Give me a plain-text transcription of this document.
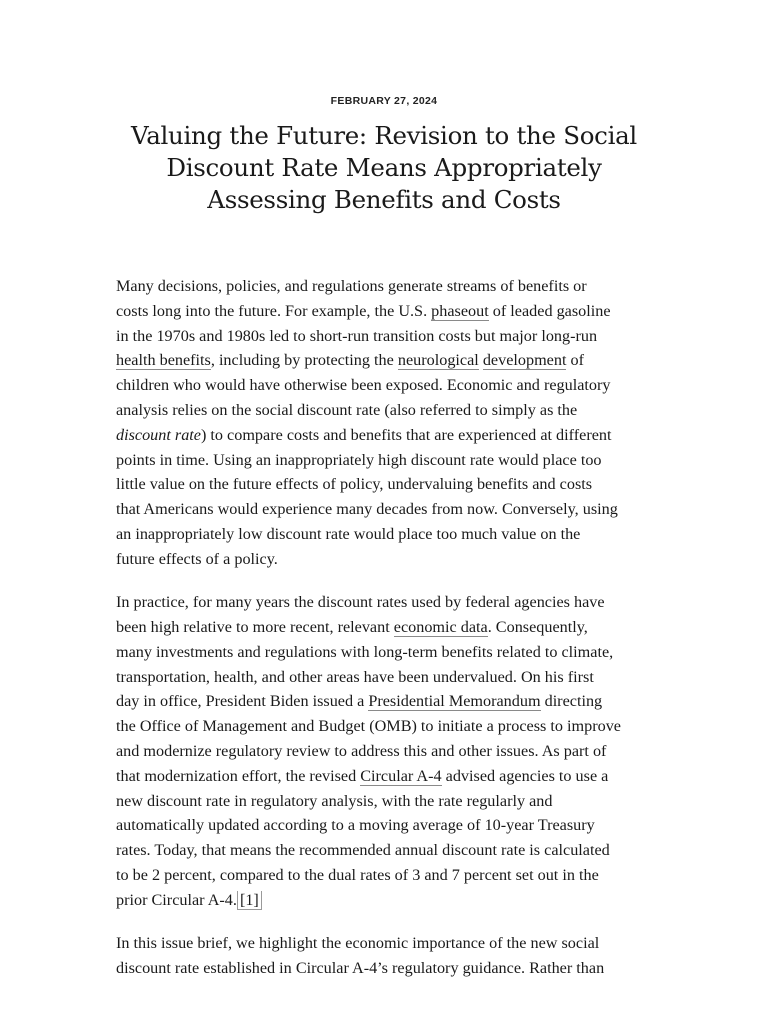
FEBRUARY 27, 2024
Valuing the Future: Revision to the Social Discount Rate Means Appropriately Assessing Benefits and Costs

Many decisions, policies, and regulations generate streams of benefits or
costs long into the future. For example, the U.S. phaseout of leaded gasoline
in the 1970s and 1980s led to short-run transition costs but major long-run
health benefits, including by protecting the neurological development of
children who would have otherwise been exposed. Economic and regulatory
analysis relies on the social discount rate (also referred to simply as the
discount rate) to compare costs and benefits that are experienced at different
points in time. Using an inappropriately high discount rate would place too
little value on the future effects of policy, undervaluing benefits and costs
that Americans would experience many decades from now. Conversely, using
an inappropriately low discount rate would place too much value on the
future effects of a policy.

In practice, for many years the discount rates used by federal agencies have
been high relative to more recent, relevant economic data. Consequently,
many investments and regulations with long-term benefits related to climate,
transportation, health, and other areas have been undervalued. On his first
day in office, President Biden issued a Presidential Memorandum directing
the Office of Management and Budget (OMB) to initiate a process to improve
and modernize regulatory review to address this and other issues. As part of
that modernization effort, the revised Circular A-4 advised agencies to use a
new discount rate in regulatory analysis, with the rate regularly and
automatically updated according to a moving average of 10-year Treasury
rates. Today, that means the recommended annual discount rate is calculated
to be 2 percent, compared to the dual rates of 3 and 7 percent set out in the
prior Circular A-4. [1]

In this issue brief, we highlight the economic importance of the new social
discount rate established in Circular A-4’s regulatory guidance. Rather than
